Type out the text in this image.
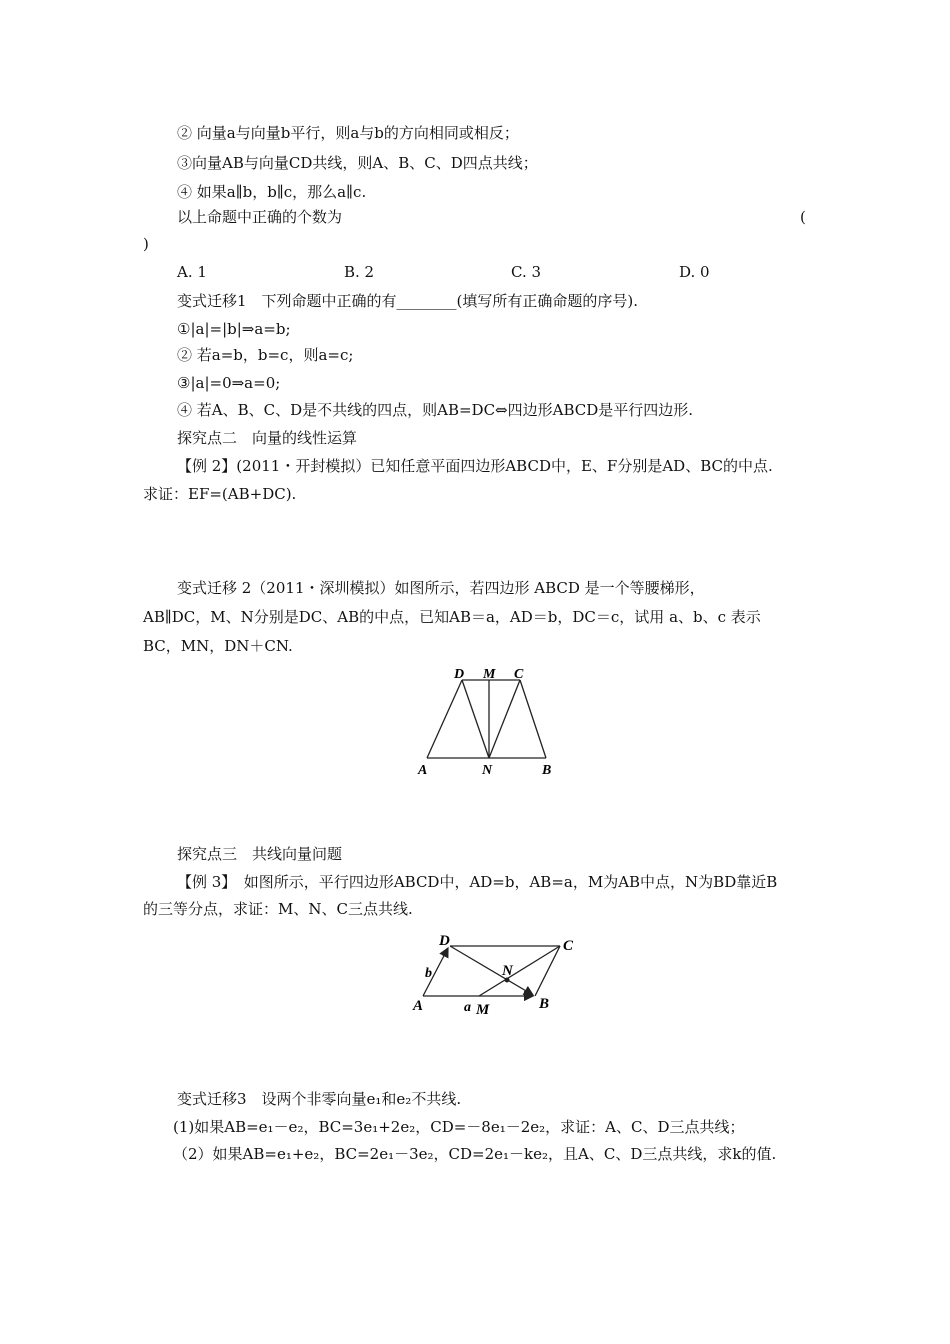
② 向量a与向量b平行，则a与b的方向相同或相反；
③向量AB与向量CD共线，则A、B、C、D四点共线；
④ 如果a∥b，b∥c，那么a∥c.
以上命题中正确的个数为	(
)
A. 1	B. 2	C. 3	D. 0
变式迁移1　下列命题中正确的有________(填写所有正确命题的序号).
①|a|=|b|⇒a=b;
② 若a=b，b=c，则a=c;
③|a|=0⇒a=0;
④ 若A、B、C、D是不共线的四点，则AB=DC⇔四边形ABCD是平行四边形.
探究点二　向量的线性运算
【例 2】(2011・开封模拟）已知任意平面四边形ABCD中，E、F分别是AD、BC的中点.
求证：EF=(AB+DC).
变式迁移 2（2011・深圳模拟）如图所示，若四边形 ABCD 是一个等腰梯形，
AB∥DC，M、N分别是DC、AB的中点，已知AB＝a，AD＝b，DC＝c，试用 a、b、c 表示
BC，MN，DN＋CN.
D M C
A	N	B
探究点三　共线向量问题
【例 3】　如图所示，平行四边形ABCD中，AD=b，AB=a，M为AB中点，N为BD靠近B
的三等分点，求证：M、N、C三点共线.
D	C
N
b
A	a M	B
变式迁移3　设两个非零向量e₁和e₂不共线.
(1)如果AB=e₁－e₂，BC=3e₁+2e₂，CD=－8e₁－2e₂，求证：A、C、D三点共线；
（2）如果AB=e₁+e₂，BC=2e₁－3e₂，CD=2e₁－ke₂，且A、C、D三点共线，求k的值.
